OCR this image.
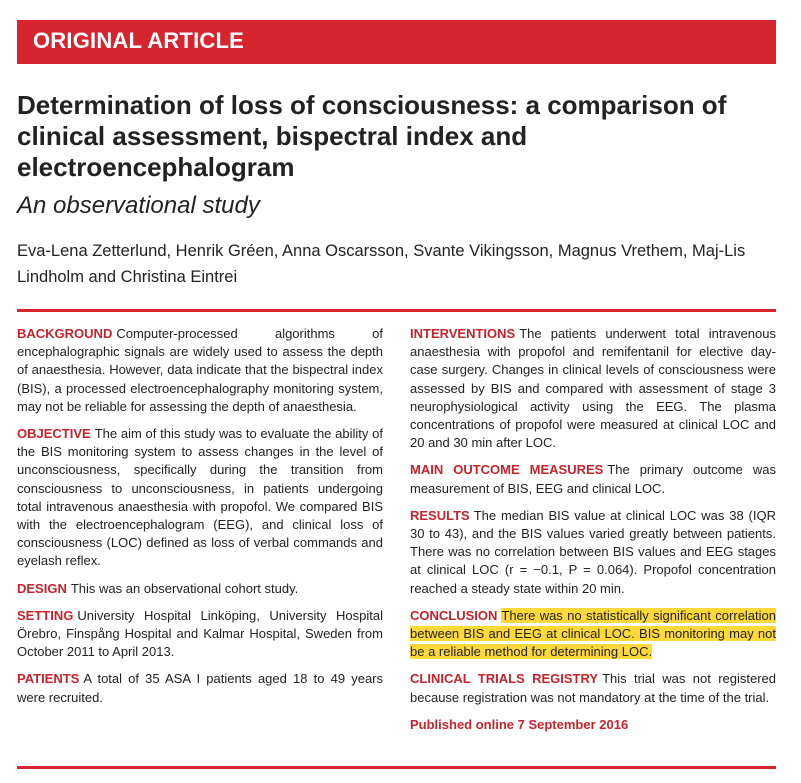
ORIGINAL ARTICLE
Determination of loss of consciousness: a comparison of clinical assessment, bispectral index and electroencephalogram
An observational study
Eva-Lena Zetterlund, Henrik Gréen, Anna Oscarsson, Svante Vikingsson, Magnus Vrethem, Maj-Lis Lindholm and Christina Eintrei
BACKGROUND Computer-processed algorithms of encephalographic signals are widely used to assess the depth of anaesthesia. However, data indicate that the bispectral index (BIS), a processed electroencephalography monitoring system, may not be reliable for assessing the depth of anaesthesia.
OBJECTIVE The aim of this study was to evaluate the ability of the BIS monitoring system to assess changes in the level of unconsciousness, specifically during the transition from consciousness to unconsciousness, in patients undergoing total intravenous anaesthesia with propofol. We compared BIS with the electroencephalogram (EEG), and clinical loss of consciousness (LOC) defined as loss of verbal commands and eyelash reflex.
DESIGN This was an observational cohort study.
SETTING University Hospital Linköping, University Hospital Örebro, Finspång Hospital and Kalmar Hospital, Sweden from October 2011 to April 2013.
PATIENTS A total of 35 ASA I patients aged 18 to 49 years were recruited.
INTERVENTIONS The patients underwent total intravenous anaesthesia with propofol and remifentanil for elective day-case surgery. Changes in clinical levels of consciousness were assessed by BIS and compared with assessment of stage 3 neurophysiological activity using the EEG. The plasma concentrations of propofol were measured at clinical LOC and 20 and 30 min after LOC.
MAIN OUTCOME MEASURES The primary outcome was measurement of BIS, EEG and clinical LOC.
RESULTS The median BIS value at clinical LOC was 38 (IQR 30 to 43), and the BIS values varied greatly between patients. There was no correlation between BIS values and EEG stages at clinical LOC (r = −0.1, P = 0.064). Propofol concentration reached a steady state within 20 min.
CONCLUSION There was no statistically significant correlation between BIS and EEG at clinical LOC. BIS monitoring may not be a reliable method for determining LOC.
CLINICAL TRIALS REGISTRY This trial was not registered because registration was not mandatory at the time of the trial.
Published online 7 September 2016
